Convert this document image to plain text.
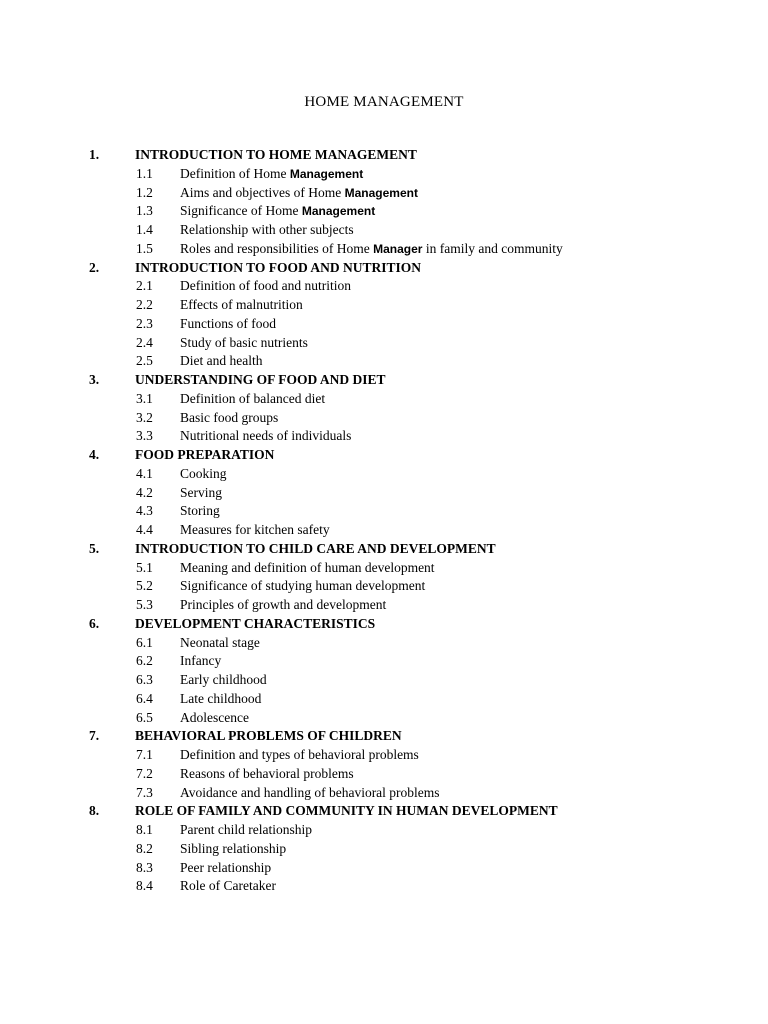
HOME MANAGEMENT
1.	INTRODUCTION TO HOME MANAGEMENT
1.1 Definition of Home Management
1.2 Aims and objectives of Home Management
1.3 Significance of Home Management
1.4 Relationship with other subjects
1.5 Roles and responsibilities of Home Manager in family and community
2.	INTRODUCTION TO FOOD AND NUTRITION
2.1 Definition of food and nutrition
2.2 Effects of malnutrition
2.3 Functions of food
2.4 Study of basic nutrients
2.5 Diet and health
3.	UNDERSTANDING OF FOOD AND DIET
3.1 Definition of balanced diet
3.2 Basic food groups
3.3 Nutritional needs of individuals
4.	FOOD PREPARATION
4.1 Cooking
4.2 Serving
4.3 Storing
4.4 Measures for kitchen safety
5.	INTRODUCTION TO CHILD CARE AND DEVELOPMENT
5.1 Meaning and definition of human development
5.2 Significance of studying human development
5.3 Principles of growth and development
6.	DEVELOPMENT CHARACTERISTICS
6.1 Neonatal stage
6.2 Infancy
6.3 Early childhood
6.4 Late childhood
6.5 Adolescence
7.	BEHAVIORAL PROBLEMS OF CHILDREN
7.1 Definition and types of behavioral problems
7.2 Reasons of behavioral problems
7.3 Avoidance and handling of behavioral problems
8.	ROLE OF FAMILY AND COMMUNITY IN HUMAN DEVELOPMENT
8.1 Parent child relationship
8.2 Sibling relationship
8.3 Peer relationship
8.4 Role of Caretaker
